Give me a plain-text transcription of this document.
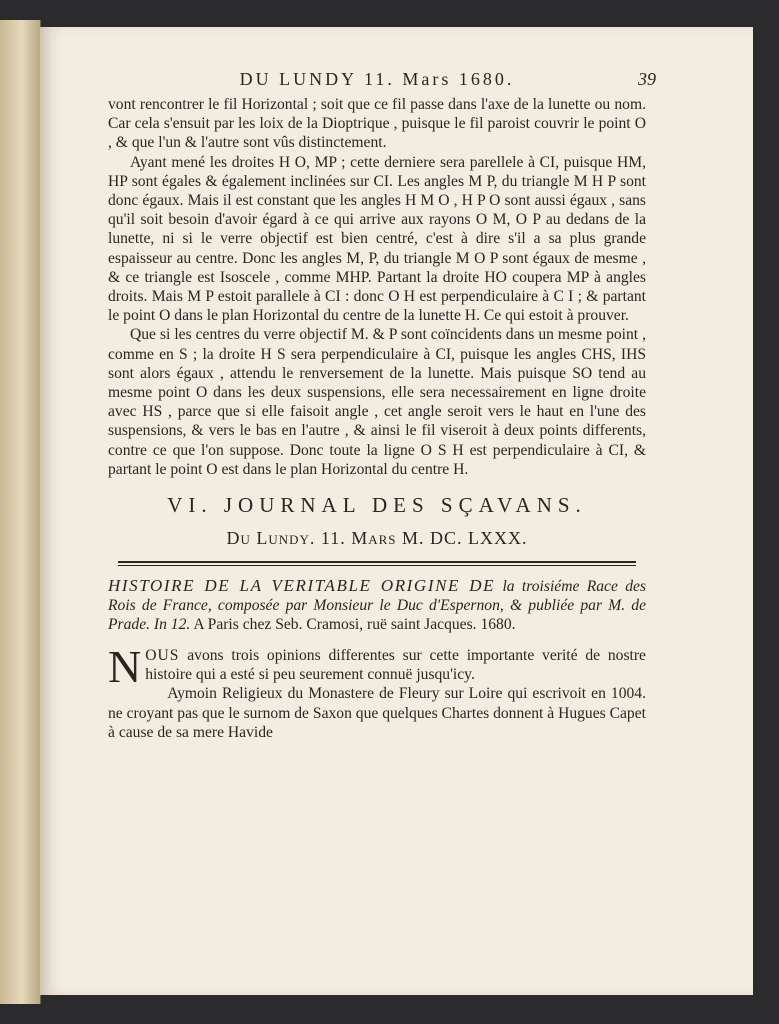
DU LUNDY 11. Mars 1680.	39

vont rencontrer le fil Horizontal ; soit que ce fil passe dans l'axe de la lunette ou nom. Car cela s'ensuit par les loix de la Dioptrique , puisque le fil paroist couvrir le point O , & que l'un & l'autre sont vûs distinctement.

Ayant mené les droites H O, MP ; cette derniere sera parellele à CI, puisque HM, HP sont égales & également inclinées sur CI. Les angles M P, du triangle M H P sont donc égaux. Mais il est constant que les angles H M O , H P O sont aussi égaux , sans qu'il soit besoin d'avoir égard à ce qui arrive aux rayons O M, O P au dedans de la lunette, ni si le verre objectif est bien centré, c'est à dire s'il a sa plus grande espaisseur au centre. Donc les angles M, P, du triangle M O P sont égaux de mesme , & ce triangle est Isoscele , comme MHP. Partant la droite HO coupera MP à angles droits. Mais M P estoit parallele à CI : donc O H est perpendiculaire à C I ; & partant le point O dans le plan Horizontal du centre de la lunette H. Ce qui estoit à prouver.

Que si les centres du verre objectif M. & P sont coïncidents dans un mesme point , comme en S ; la droite H S sera perpendiculaire à CI, puisque les angles CHS, IHS sont alors égaux , attendu le renversement de la lunette. Mais puisque SO tend au mesme point O dans les deux suspensions, elle sera necessairement en ligne droite avec HS , parce que si elle faisoit angle , cet angle seroit vers le haut en l'une des suspensions, & vers le bas en l'autre , & ainsi le fil viseroit à deux points differents, contre ce que l'on suppose. Donc toute la ligne O S H est perpendiculaire à CI, & partant le point O est dans le plan Horizontal du centre H.

VI. JOURNAL DES SÇAVANS.
Du Lundy. 11. Mars M. DC. LXXX.
HISTOIRE DE LA VERITABLE ORIGINE DE la troisiéme Race des Rois de France, composée par Monsieur le Duc d'Espernon, & publiée par M. de Prade. In 12. A Paris chez Seb. Cramosi, ruë saint Jacques. 1680.

NOUS avons trois opinions differentes sur cette importante verité de nostre histoire qui a esté si peu seurement connuë jusqu'icy.

Aymoin Religieux du Monastere de Fleury sur Loire qui escrivoit en 1004. ne croyant pas que le surnom de Saxon que quelques Chartes donnent à Hugues Capet à cause de sa mere Havide
